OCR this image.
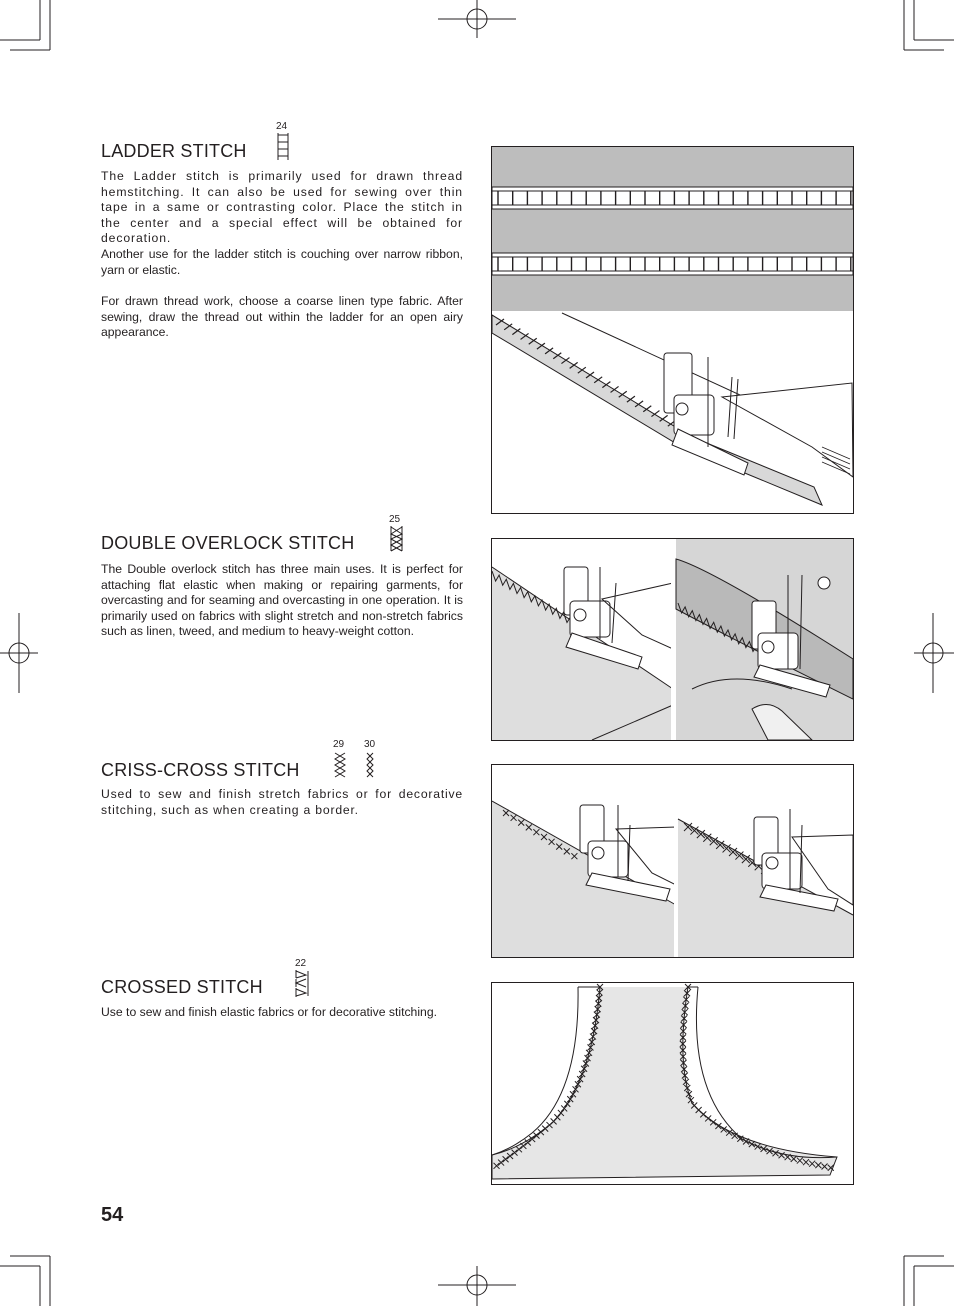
LADDER STITCH
24

The Ladder stitch is primarily used for drawn thread hemstitching. It can also be used for sewing over thin tape in a same or contrasting color. Place the stitch in the center and a special effect will be obtained for decoration.

Another use for the ladder stitch is couching over narrow ribbon, yarn or elastic.

For drawn thread work, choose a coarse linen type fabric. After sewing, draw the thread out within the ladder for an open airy appearance.

DOUBLE OVERLOCK STITCH
25

The Double overlock stitch has three main uses. It is perfect for attaching flat elastic when making or repairing garments, for overcasting and for seaming and overcasting in one operation. It is primarily used on fabrics with slight stretch and non-stretch fabrics such as linen, tweed, and medium to heavy-weight cotton.

CRISS-CROSS STITCH
29 30

Used to sew and finish stretch fabrics or for decorative stitching, such as when creating a border.

CROSSED STITCH
22

Use to sew and finish elastic fabrics or for decorative stitching.

54
